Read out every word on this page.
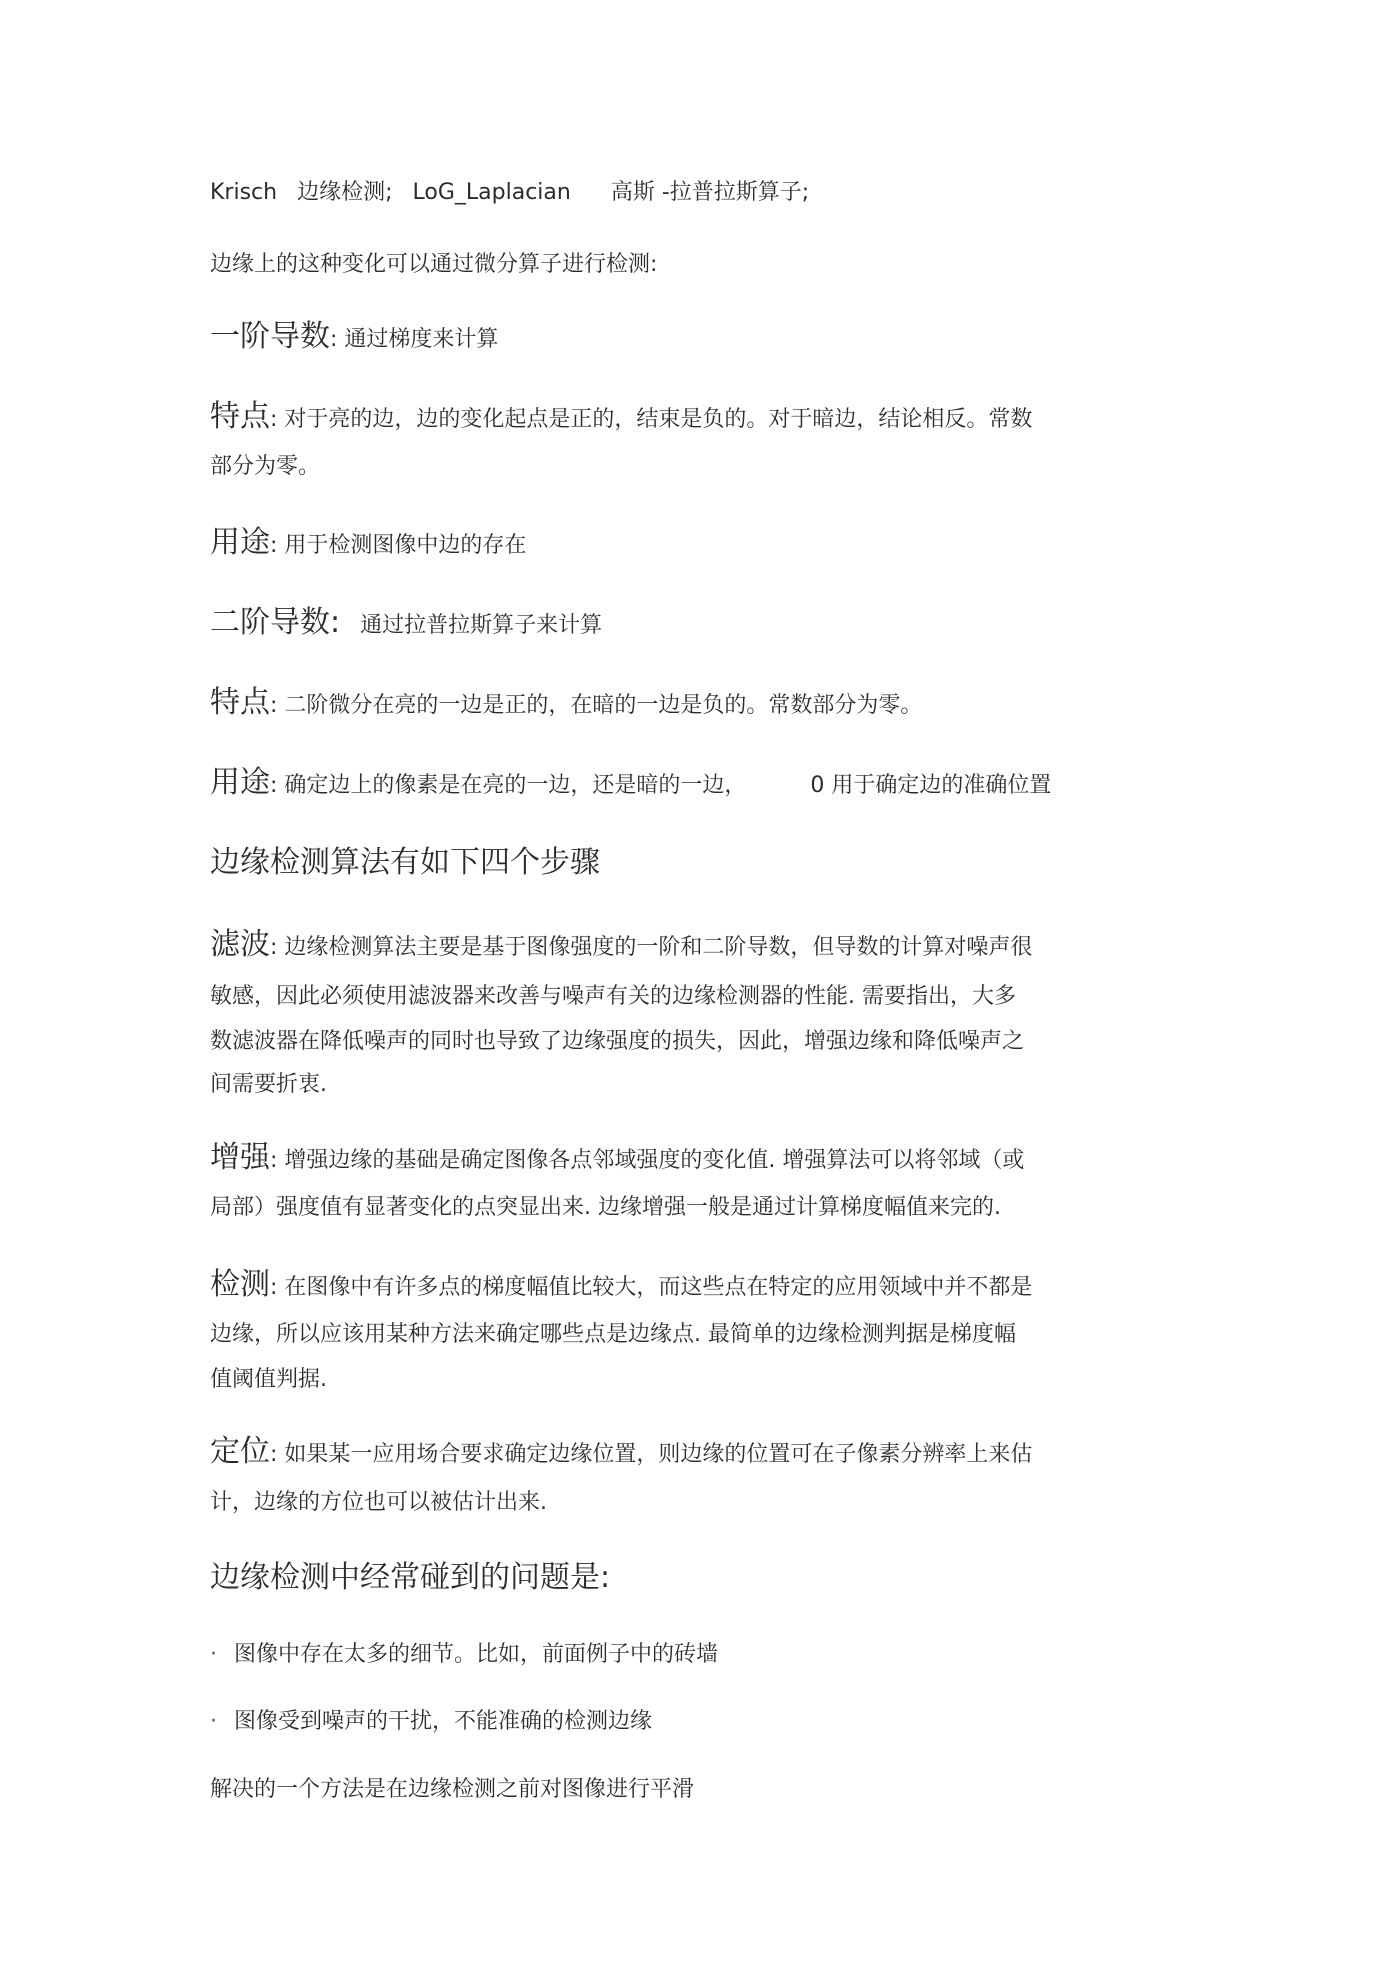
Krisch 边缘检测; LoG_Laplacian 高斯 -拉普拉斯算子;
边缘上的这种变化可以通过微分算子进行检测:
一阶导数: 通过梯度来计算
特点: 对于亮的边，边的变化起点是正的，结束是负的。对于暗边，结论相反。常数
部分为零。
用途: 用于检测图像中边的存在
二阶导数: 通过拉普拉斯算子来计算
特点: 二阶微分在亮的一边是正的，在暗的一边是负的。常数部分为零。
用途: 确定边上的像素是在亮的一边，还是暗的一边，	0 用于确定边的准确位置
边缘检测算法有如下四个步骤
滤波: 边缘检测算法主要是基于图像强度的一阶和二阶导数，但导数的计算对噪声很
敏感，因此必须使用滤波器来改善与噪声有关的边缘检测器的性能. 需要指出，大多
数滤波器在降低噪声的同时也导致了边缘强度的损失，因此，增强边缘和降低噪声之
间需要折衷.
增强: 增强边缘的基础是确定图像各点邻域强度的变化值. 增强算法可以将邻域（或
局部）强度值有显著变化的点突显出来. 边缘增强一般是通过计算梯度幅值来完的.
检测: 在图像中有许多点的梯度幅值比较大，而这些点在特定的应用领域中并不都是
边缘，所以应该用某种方法来确定哪些点是边缘点. 最简单的边缘检测判据是梯度幅
值阈值判据.
定位: 如果某一应用场合要求确定边缘位置，则边缘的位置可在子像素分辨率上来估
计，边缘的方位也可以被估计出来.
边缘检测中经常碰到的问题是:
· 图像中存在太多的细节。比如，前面例子中的砖墙
· 图像受到噪声的干扰，不能准确的检测边缘
解决的一个方法是在边缘检测之前对图像进行平滑
